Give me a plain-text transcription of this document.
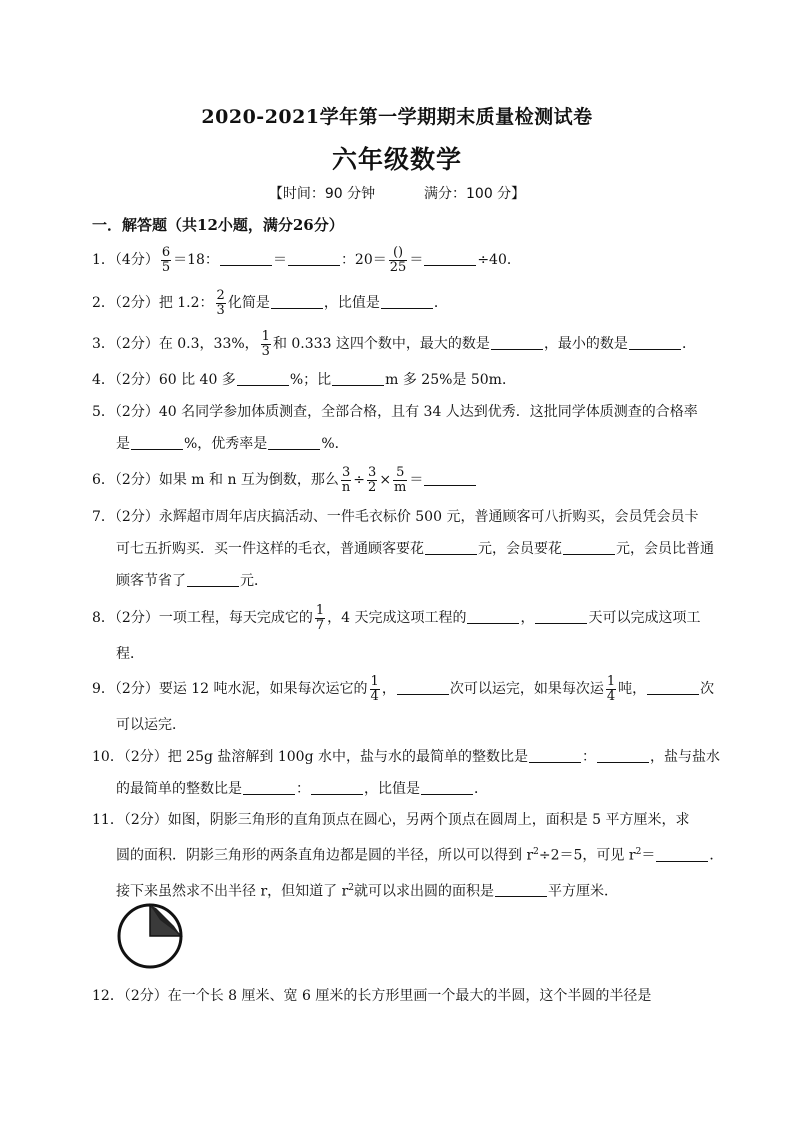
2020-2021学年第一学期期末质量检测试卷
六年级数学
【时间：90 分钟	满分：100 分】
一．解答题（共12小题，满分26分）
1．（4分） $\frac{6}{5} =18$：	＝	：$20= \frac{()}{25}$ ＝	÷40．
2．（2分）把 1.2： $\frac{2}{3}$ 化简是	，比值是	．
3．（2分）在 0.3，33%， $\frac{1}{3}$ 和 0.333 这四个数中，最大的数是	，最小的数是	．
4．（2分）60 比 40 多	%；比	m 多 25%是 50m．
5．（2分）40 名同学参加体质测查，全部合格，且有 34 人达到优秀．这批同学体质测查的合格率
是	%，优秀率是	%．
6．（2分）如果 m 和 n 互为倒数，那么 $\frac{3}{n} \div \frac{3}{2} \times \frac{5}{m}$ ＝
7．（2分）永辉超市周年店庆搞活动、一件毛衣标价 500 元，普通顾客可八折购买，会员凭会员卡
可七五折购买．买一件这样的毛衣，普通顾客要花	元，会员要花	元，会员比普通
顾客节省了	元．
8．（2分）一项工程，每天完成它的 $\frac{1}{7}$ ，4 天完成这项工程的	，	天可以完成这项工
程．
9．（2分）要运 12 吨水泥，如果每次运它的 $\frac{1}{4}$ ，	次可以运完，如果每次运 $\frac{1}{4}$ 吨，	次
可以运完．
10．（2分）把 25g 盐溶解到 100g 水中，盐与水的最简单的整数比是	：	，盐与盐水
的最简单的整数比是	：	，比值是	．
11．（2分）如图，阴影三角形的直角顶点在圆心，另两个顶点在圆周上，面积是 5 平方厘米，求
圆的面积．阴影三角形的两条直角边都是圆的半径，所以可以得到 $r^2\div 2=5$，可见 $r^2=$	．
接下来虽然求不出半径 r，但知道了 $r^2$就可以求出圆的面积是	平方厘米．
12．（2分）在一个长 8 厘米、宽 6 厘米的长方形里画一个最大的半圆，这个半圆的半径是
